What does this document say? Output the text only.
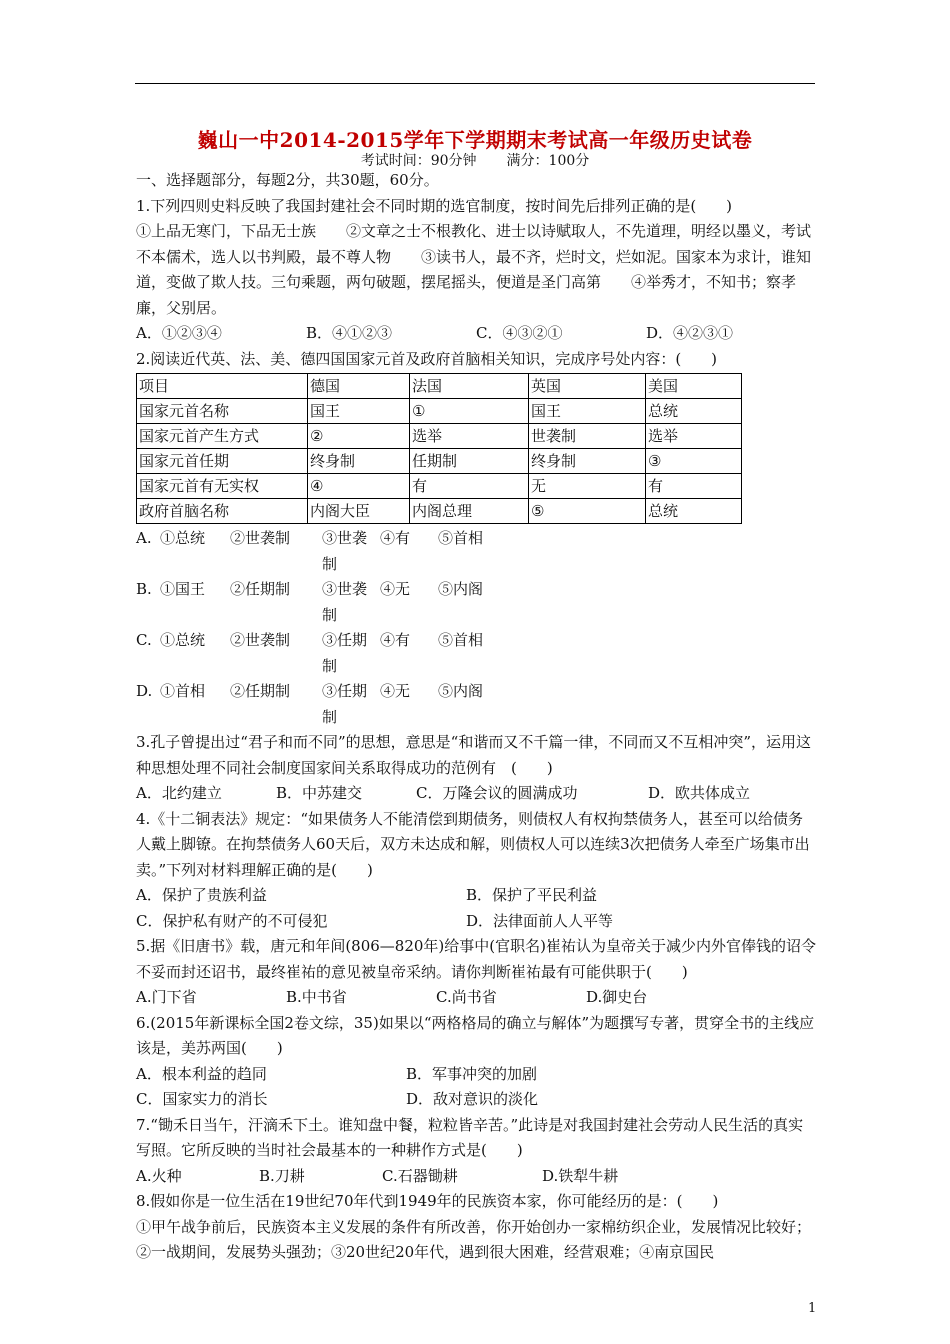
巍山一中2014-2015学年下学期期末考试高一年级历史试卷
考试时间：90分钟 满分：100分

一、选择题部分，每题2分，共30题，60分。

1.下列四则史料反映了我国封建社会不同时期的选官制度，按时间先后排列正确的是(　　)

①上品无寒门，下品无士族　　②文章之士不根教化、进士以诗赋取人，不先道理，明经以墨义，考试不本儒术，选人以书判殿，最不尊人物　　③读书人，最不齐，烂时文，烂如泥。国家本为求计，谁知道，变做了欺人技。三句乘题，两句破题，摆尾摇头，便道是圣门高第　　④举秀才，不知书；察孝廉，父别居。

A．①②③④	B．④①②③	C．④③②①	D．④②③①

2.阅读近代英、法、美、德四国国家元首及政府首脑相关知识，完成序号处内容：(　　)

项目	德国	法国	英国	美国
国家元首名称	国王	①	国王	总统
国家元首产生方式	②	选举	世袭制	选举
国家元首任期	终身制	任期制	终身制	③
国家元首有无实权	④	有	无	有
政府首脑名称	内阁大臣	内阁总理	⑤	总统
A. ①总统	②世袭制	③世袭制
④有	⑤首相
B. ①国王	②任期制	③世袭制
④无	⑤内阁
C. ①总统	②世袭制	③任期制
④有	⑤首相
D. ①首相	②任期制	③任期制
④无	⑤内阁

3.孔子曾提出过“君子和而不同”的思想，意思是“和谐而又不千篇一律，不同而又不互相冲突”，运用这种思想处理不同社会制度国家间关系取得成功的范例有　(　　)

A．北约建立	B．中苏建交	C．万隆会议的圆满成功	D．欧共体成立

4.《十二铜表法》规定：“如果债务人不能清偿到期债务，则债权人有权拘禁债务人，甚至可以给债务人戴上脚镣。在拘禁债务人60天后，双方未达成和解，则债权人可以连续3次把债务人牵至广场集市出卖。”下列对材料理解正确的是(　　)

A．保护了贵族利益	B．保护了平民利益
C．保护私有财产的不可侵犯	D．法律面前人人平等

5.据《旧唐书》载，唐元和年间(806—820年)给事中(官职名)崔祐认为皇帝关于减少内外官俸钱的诏令不妥而封还诏书，最终崔祐的意见被皇帝采纳。请你判断崔祐最有可能供职于(　　)

A.门下省	B.中书省	C.尚书省	D.御史台

6.(2015年新课标全国2卷文综，35)如果以“两格格局的确立与解体”为题撰写专著，贯穿全书的主线应该是，美苏两国(　　)

A．根本利益的趋同	B．军事冲突的加剧
C．国家实力的消长	D．敌对意识的淡化

7.“锄禾日当午，汗滴禾下土。谁知盘中餐，粒粒皆辛苦。”此诗是对我国封建社会劳动人民生活的真实写照。它所反映的当时社会最基本的一种耕作方式是(　　)

A.火种	B.刀耕	C.石器锄耕	D.铁犁牛耕

8.假如你是一位生活在19世纪70年代到1949年的民族资本家，你可能经历的是：(　　)

①甲午战争前后，民族资本主义发展的条件有所改善，你开始创办一家棉纺织企业，发展情况比较好；②一战期间，发展势头强劲；③20世纪20年代，遇到很大困难，经营艰难；④南京国民

1
